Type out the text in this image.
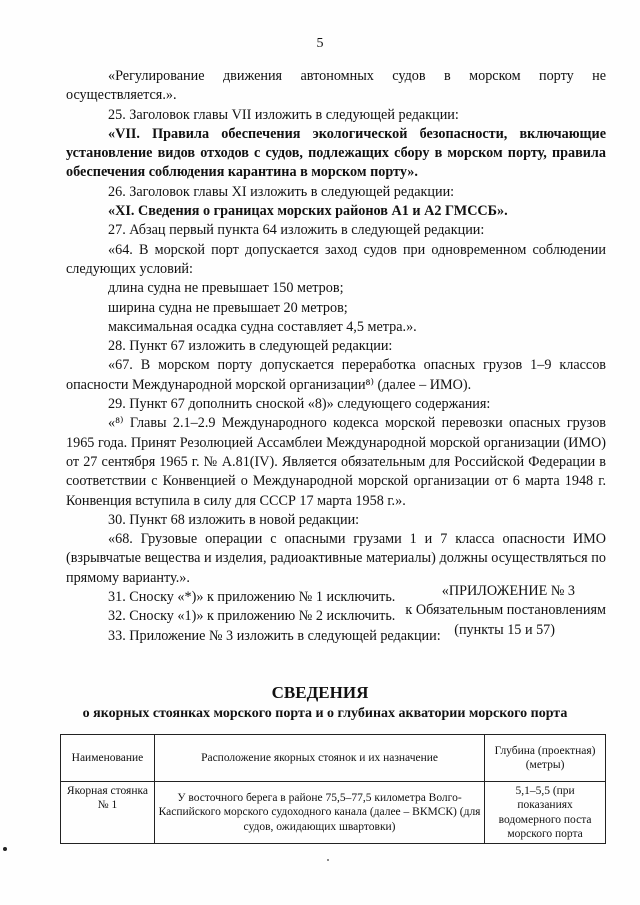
5

«Регулирование движения автономных судов в морском порту не осуществляется.».

25. Заголовок главы VII изложить в следующей редакции:

«VII. Правила обеспечения экологической безопасности, включающие установление видов отходов с судов, подлежащих сбору в морском порту, правила обеспечения соблюдения карантина в морском порту».

26. Заголовок главы XI изложить в следующей редакции:

«XI. Сведения о границах морских районов А1 и А2 ГМССБ».

27. Абзац первый пункта 64 изложить в следующей редакции:

«64. В морской порт допускается заход судов при одновременном соблюдении следующих условий:

длина судна не превышает 150 метров;

ширина судна не превышает 20 метров;

максимальная осадка судна составляет 4,5 метра.».

28. Пункт 67 изложить в следующей редакции:

«67. В морском порту допускается переработка опасных грузов 1–9 классов опасности Международной морской организации⁸⁾ (далее – ИМО).

29. Пункт 67 дополнить сноской «8)» следующего содержания:

«⁸⁾ Главы 2.1–2.9 Международного кодекса морской перевозки опасных грузов 1965 года. Принят Резолюцией Ассамблеи Международной морской организации (ИМО) от 27 сентября 1965 г. № А.81(IV). Является обязательным для Российской Федерации в соответствии с Конвенцией о Международной морской организации от 6 марта 1948 г. Конвенция вступила в силу для СССР 17 марта 1958 г.».

30. Пункт 68 изложить в новой редакции:

«68. Грузовые операции с опасными грузами 1 и 7 класса опасности ИМО (взрывчатые вещества и изделия, радиоактивные материалы) должны осуществляться по прямому варианту.».

31. Сноску «*)» к приложению № 1 исключить.

32. Сноску «1)» к приложению № 2 исключить.

33. Приложение № 3 изложить в следующей редакции:

«ПРИЛОЖЕНИЕ № 3
к Обязательным постановлениям
(пункты 15 и 57)
СВЕДЕНИЯ
о якорных стоянках морского порта и о глубинах акватории морского порта
Наименование	Расположение якорных стоянок и их назначение	Глубина (проектная) (метры)
Якорная стоянка № 1	У восточного берега в районе 75,5–77,5 километра Волго-Каспийского морского судоходного канала (далее – ВКМСК) (для судов, ожидающих швартовки)	5,1–5,5 (при показаниях водомерного поста морского порта
